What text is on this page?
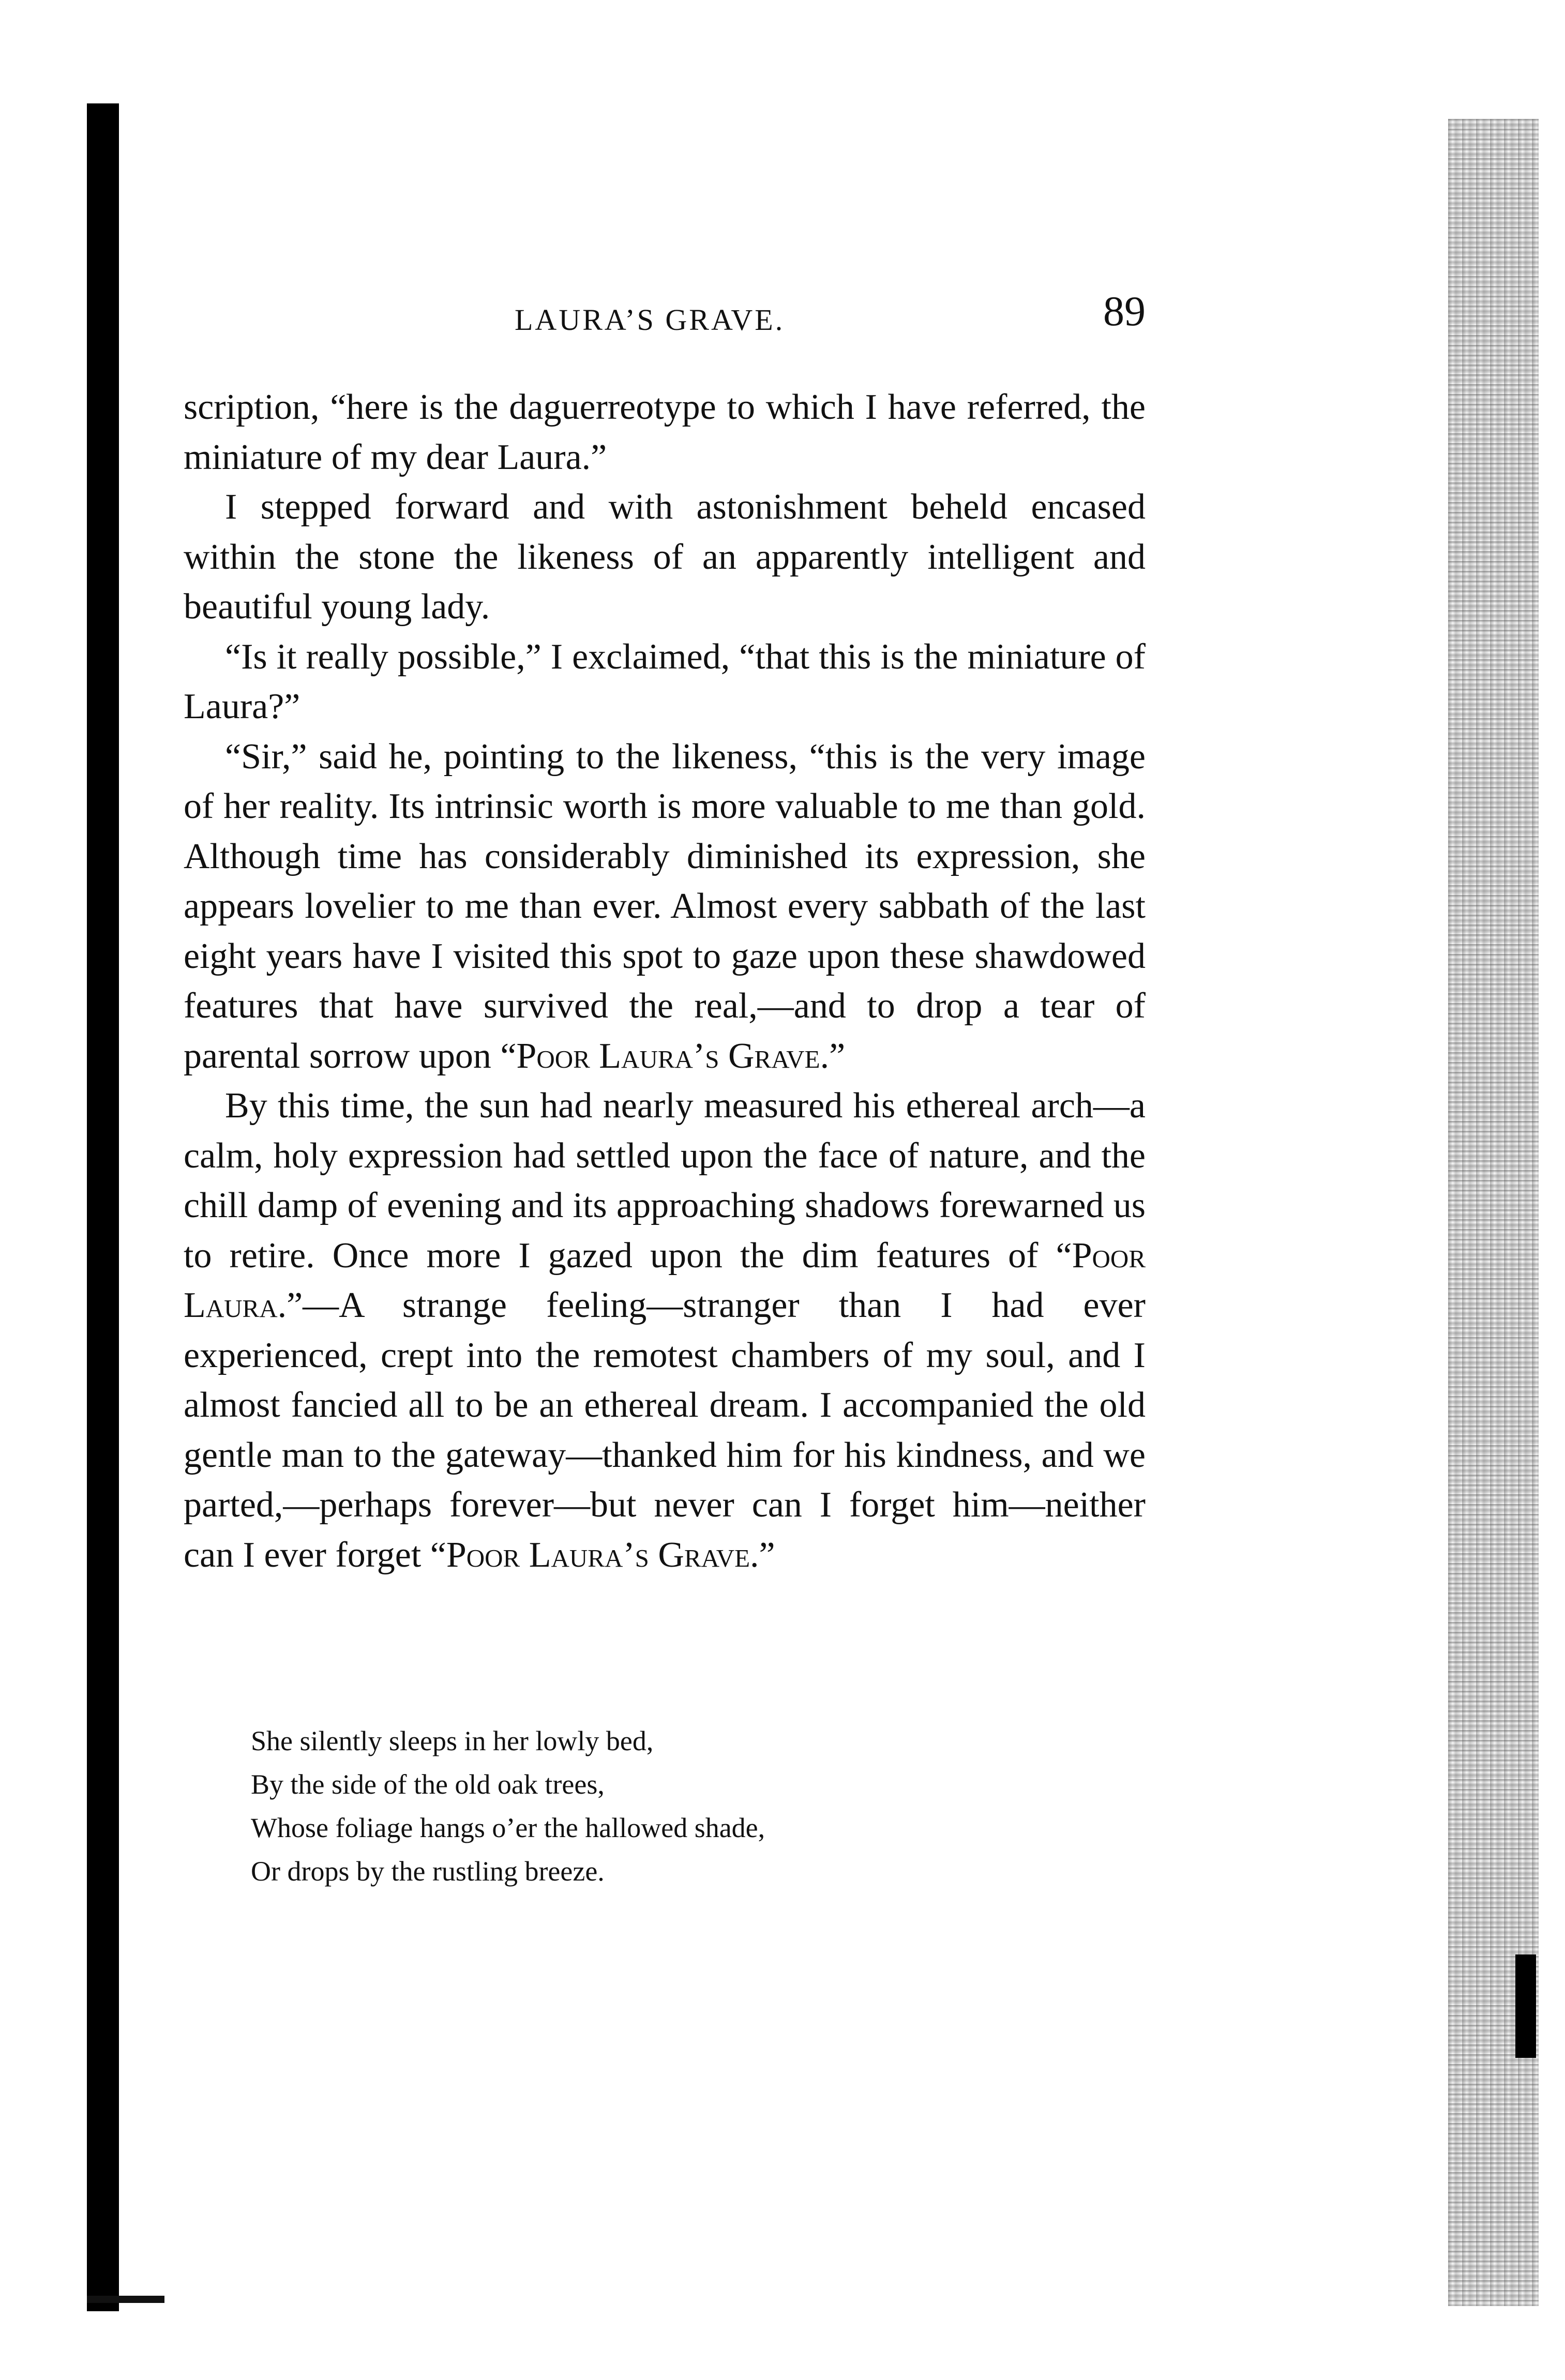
LAURA’S GRAVE.	89

scription, “here is the daguerreotype to which I have referred, the miniature of my dear Laura.”

I stepped forward and with astonishment beheld encased within the stone the likeness of an apparently intelligent and beautiful young lady.

“Is it really possible,” I exclaimed, “that this is the miniature of Laura?”

“Sir,” said he, pointing to the likeness, “this is the very image of her reality. Its intrinsic worth is more valuable to me than gold. Although time has considerably diminished its expression, she appears lovelier to me than ever. Almost every sabbath of the last eight years have I visited this spot to gaze upon these shawdowed features that have survived the real,—and to drop a tear of parental sorrow upon “Poor Laura’s Grave.”

By this time, the sun had nearly measured his ethereal arch—a calm, holy expression had settled upon the face of nature, and the chill damp of evening and its approaching shadows forewarned us to retire. Once more I gazed upon the dim features of “Poor Laura.”—A strange feeling—stranger than I had ever experienced, crept into the remotest chambers of my soul, and I almost fancied all to be an ethereal dream. I accompanied the old gentle man to the gateway—thanked him for his kindness, and we parted,—perhaps forever—but never can I forget him—neither can I ever forget “Poor Laura’s Grave.”

She silently sleeps in her lowly bed,
By the side of the old oak trees,
Whose foliage hangs o’er the hallowed shade,
Or drops by the rustling breeze.
